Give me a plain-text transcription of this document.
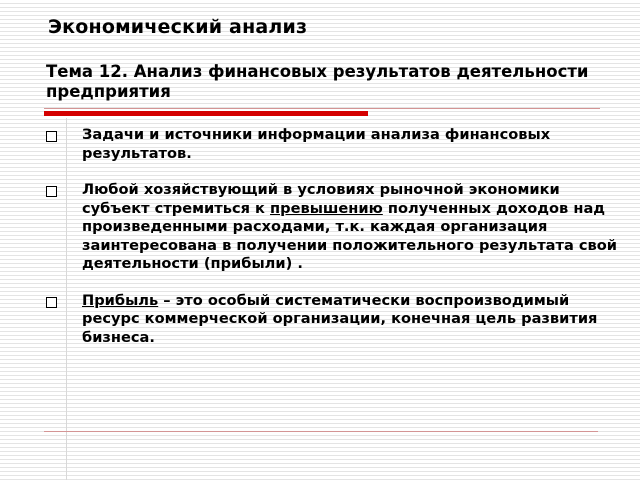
Экономический анализ
Тема 12. Анализ финансовых результатов деятельности предприятия
Задачи и источники информации анализа финансовых результатов.
Любой хозяйствующий в условиях рыночной экономики субъект стремиться к превышению полученных доходов над произведенными расходами, т.к. каждая организация заинтересована в получении положительного результата свой деятельности (прибыли) .
Прибыль – это особый систематически воспроизводимый ресурс коммерческой организации, конечная цель развития бизнеса.
